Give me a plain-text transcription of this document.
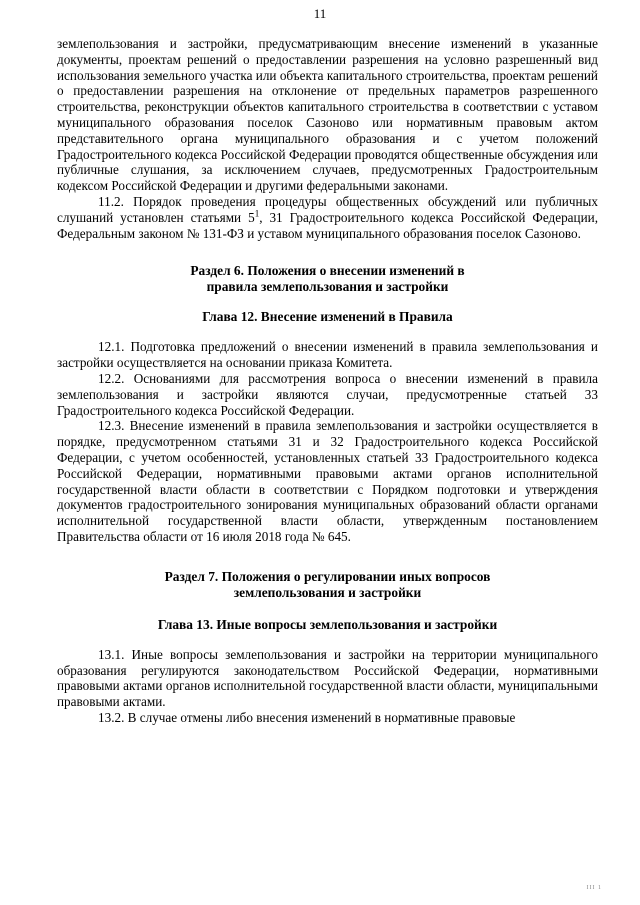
11

землепользования и застройки, предусматривающим внесение изменений в указанные документы, проектам решений о предоставлении разрешения на условно разрешенный вид использования земельного участка или объекта капитального строительства, проектам решений о предоставлении разрешения на отклонение от предельных параметров разрешенного строительства, реконструкции объектов капитального строительства в соответствии с уставом муниципального образования поселок Сазоново или нормативным правовым актом представительного органа муниципального образования и с учетом положений Градостроительного кодекса Российской Федерации проводятся общественные обсуждения или публичные слушания, за исключением случаев, предусмотренных Градостроительным кодексом Российской Федерации и другими федеральными законами.

11.2. Порядок проведения процедуры общественных обсуждений или публичных слушаний установлен статьями $5^1$, 31 Градостроительного кодекса Российской Федерации, Федеральным законом № 131-ФЗ и уставом муниципального образования поселок Сазоново.

Раздел 6. Положения о внесении изменений в
правила землепользования и застройки
Глава 12. Внесение изменений в Правила

12.1. Подготовка предложений о внесении изменений в правила землепользования и застройки осуществляется на основании приказа Комитета.

12.2. Основаниями для рассмотрения вопроса о внесении изменений в правила землепользования и застройки являются случаи, предусмотренные статьей 33 Градостроительного кодекса Российской Федерации.

12.3. Внесение изменений в правила землепользования и застройки осуществляется в порядке, предусмотренном статьями 31 и 32 Градостроительного кодекса Российской Федерации, с учетом особенностей, установленных статьей 33 Градостроительного кодекса Российской Федерации, нормативными правовыми актами органов исполнительной государственной власти области в соответствии с Порядком подготовки и утверждения документов градостроительного зонирования муниципальных образований области органами исполнительной государственной власти области, утвержденным постановлением Правительства области от 16 июля 2018 года № 645.

Раздел 7. Положения о регулировании иных вопросов
землепользования и застройки
Глава 13. Иные вопросы землепользования и застройки

13.1. Иные вопросы землепользования и застройки на территории муниципального образования регулируются законодательством Российской Федерации, нормативными правовыми актами органов исполнительной государственной власти области, муниципальными правовыми актами.

13.2. В случае отмены либо внесения изменений в нормативные правовые

III 1
